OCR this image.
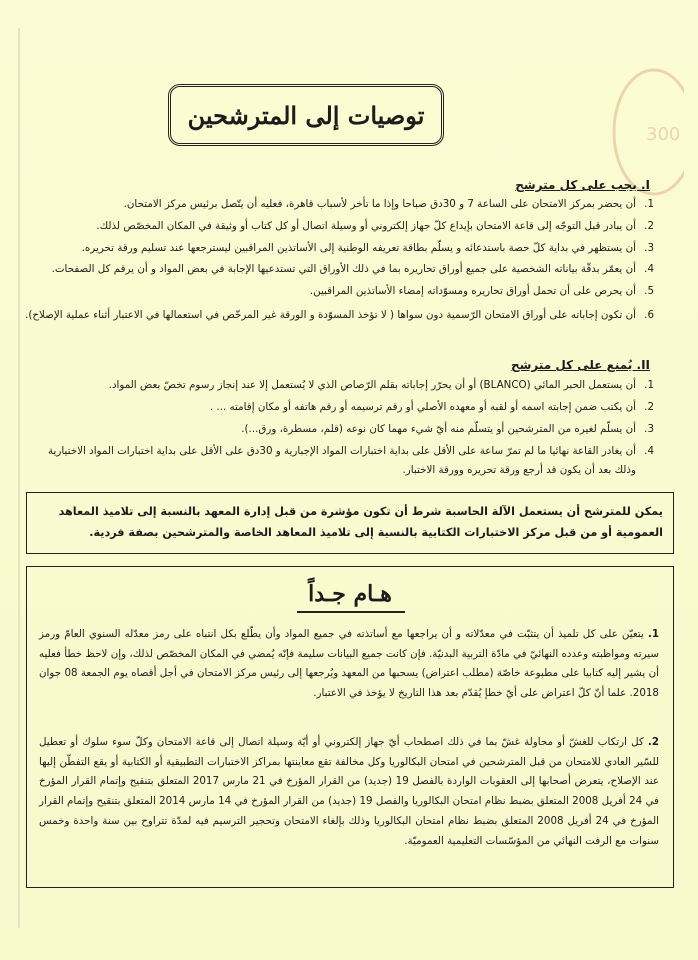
300
توصيات إلى المترشحين
I. يجب على كل مترشح
1.
أن يحضر بمركز الامتحان على الساعة 7 و 30دق صباحا وإذا ما تأخر لأسباب قاهرة، فعليه أن يتّصل برئيس مركز الامتحان.
2.
أن يبادر قبل التوجّه إلى قاعة الامتحان بإيداع كلّ جهاز إلكتروني أو وسيلة اتصال أو كل كتاب أو وثيقة في المكان المخصّص لذلك.
3.
أن يستظهر في بداية كلّ حصة باستدعائه و يسلّم بطاقة تعريفه الوطنية إلى الأساتذين المراقبين ليسترجعها عند تسليم ورقة تحريره.
4.
أن يعمّر بدقّة بياناته الشخصية على جميع أوراق تحاريره بما في ذلك الأوراق التي تستدعيها الإجابة في بعض المواد و أن يرقم كل الصفحات.
5.
أن يحرص على أن تحمل أوراق تحاريره ومسوّداته إمضاء الأساتذين المراقبين.
6.
أن تكون إجاباته على أوراق الامتحان الرّسمية دون سواها ( لا تؤخذ المسوّدة و الورقة غير المرخّص في استعمالها في الاعتبار أثناء عملية الإصلاح).
II. يُمنع على كل مترشح
1.
أن يستعمل الحبر المائي (BLANCO) أو أن يحرّر إجاباته بقلم الرّصاص الذي لا يُستعمل إلا عند إنجاز رسوم تخصّ بعض المواد.
2.
أن يكتب ضمن إجابته اسمه أو لقبه أو معهده الأصلي أو رقم ترسيمه أو رقم هاتفه أو مكان إقامته ... .
3.
أن يسلّم لغيره من المترشحين أو يتسلّم منه أيّ شيء مهما كان نوعه (قلم، مسطرة، ورق...).
4.
أن يغادر القاعة نهائيا ما لم تمرّ ساعة على الأقل على بداية اختبارات المواد الإجبارية و 30دق على الأقل على بداية اختبارات المواد الاختيارية وذلك بعد أن يكون قد أرجع ورقة تحريره وورقة الاختبار.
يمكن للمترشح أن يستعمل الآلة الحاسبة شرط أن تكون مؤشرة من قبل إدارة المعهد بالنسبة إلى تلاميذ المعاهد العمومية أو من قبل مركز الاختبارات الكتابية بالنسبة إلى تلاميذ المعاهد الخاصة والمترشحين بصفة فردية.
هـام جـداً
1. يتعيّن على كل تلميذ أن يتثبّت في معدّلاته و أن يراجعها مع أساتذته في جميع المواد وأن يطّلع بكل انتباه على رمز معدّله السنوي العامّ ورمز سيرته ومواظبته وعدده النهائيّ في مادّة التربية البدنيّة. فإن كانت جميع البيانات سليمة فإنّه يُمضي في المكان المخصّص لذلك، وإن لاحظ خطأ فعليه أن يشير إليه كتابيا على مطبوعة خاصّة (مطلب اعتراض) يسحبها من المعهد ويُرجعها إلى رئيس مركز الامتحان في أجل أقصاه يوم الجمعة 08 جوان 2018. علما أنّ كلّ اعتراض على أيّ خطإ يُقدّم بعد هذا التاريخ لا يؤخذ في الاعتبار.
2. كل ارتكاب للغشّ أو محاولة غشّ بما في ذلك اصطحاب أيّ جهاز إلكتروني أو أيّة وسيلة اتصال إلى قاعة الامتحان وكلّ سوء سلوك أو تعطيل للسّير العادي للامتحان من قبل المترشحين في امتحان البكالوريا وكل مخالفة تقع معاينتها بمراكز الاختبارات التطبيقية أو الكتابية أو يقع التفطّن إليها عند الإصلاح، يتعرض أصحابها إلى العقوبات الواردة بالفصل 19 (جديد) من القرار المؤرخ في 21 مارس 2017 المتعلق بتنقيح وإتمام القرار المؤرخ في 24 أفريل 2008 المتعلق بضبط نظام امتحان البكالوريا والفصل 19 (جديد) من القرار المؤرخ في 14 مارس 2014 المتعلق بتنقيح وإتمام القرار المؤرخ في 24 أفريل 2008 المتعلق بضبط نظام امتحان البكالوريا وذلك بإلغاء الامتحان وتحجير الترسيم فيه لمدّة تتراوح بين سنة واحدة وخمس سنوات مع الرفت النهائي من المؤسّسات التعليمية العموميّة.
